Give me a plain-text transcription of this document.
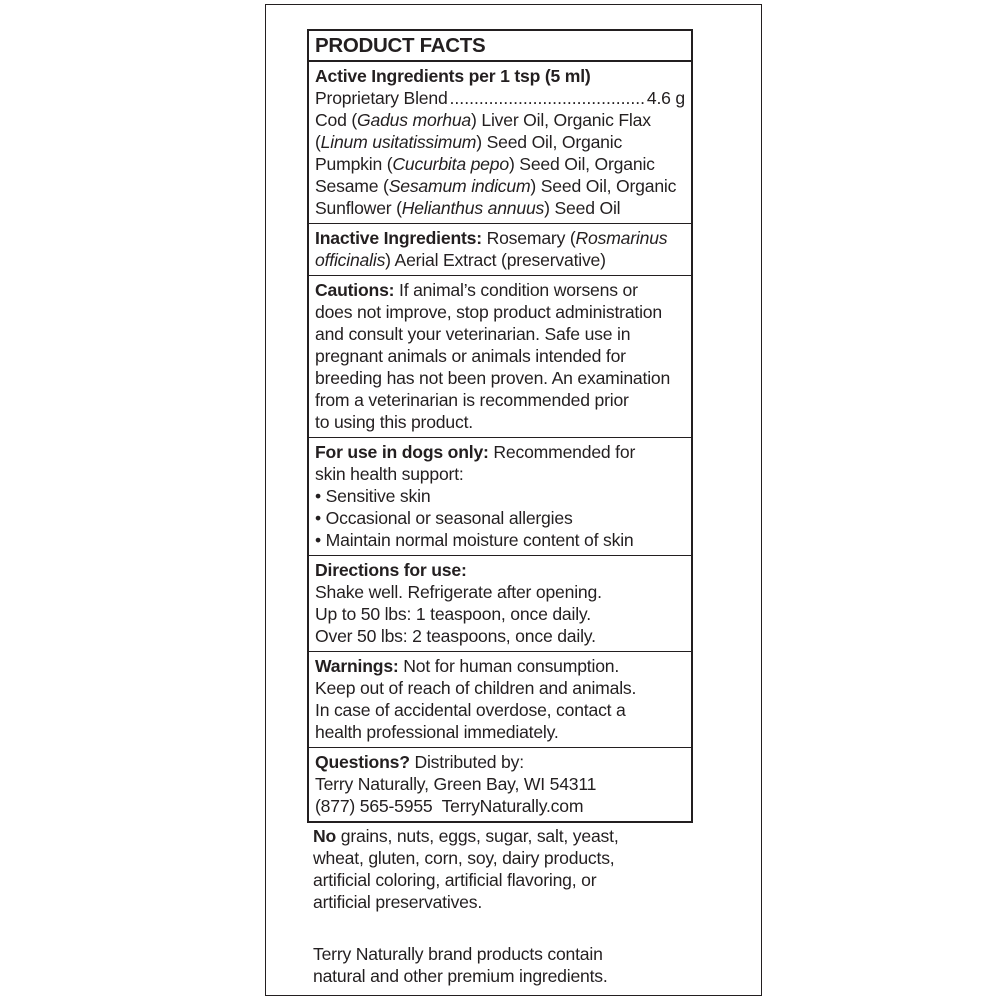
PRODUCT FACTS
Active Ingredients per 1 tsp (5 ml)
Proprietary Blend
.....	4.6 g
Cod (Gadus morhua) Liver Oil, Organic Flax
(Linum usitatissimum) Seed Oil, Organic
Pumpkin (Cucurbita pepo) Seed Oil, Organic
Sesame (Sesamum indicum) Seed Oil, Organic
Sunflower (Helianthus annuus) Seed Oil
Inactive Ingredients: Rosemary (Rosmarinus
officinalis) Aerial Extract (preservative)
Cautions: If animal’s condition worsens or
does not improve, stop product administration
and consult your veterinarian. Safe use in
pregnant animals or animals intended for
breeding has not been proven. An examination
from a veterinarian is recommended prior
to using this product.
For use in dogs only: Recommended for
skin health support:
• Sensitive skin
• Occasional or seasonal allergies
• Maintain normal moisture content of skin
Directions for use:
Shake well. Refrigerate after opening.
Up to 50 lbs: 1 teaspoon, once daily.
Over 50 lbs: 2 teaspoons, once daily.
Warnings: Not for human consumption.
Keep out of reach of children and animals.
In case of accidental overdose, contact a
health professional immediately.
Questions? Distributed by:
Terry Naturally, Green Bay, WI 54311
(877) 565-5955  TerryNaturally.com
No grains, nuts, eggs, sugar, salt, yeast,
wheat, gluten, corn, soy, dairy products,
artificial coloring, artificial flavoring, or
artificial preservatives.
Terry Naturally brand products contain
natural and other premium ingredients.
